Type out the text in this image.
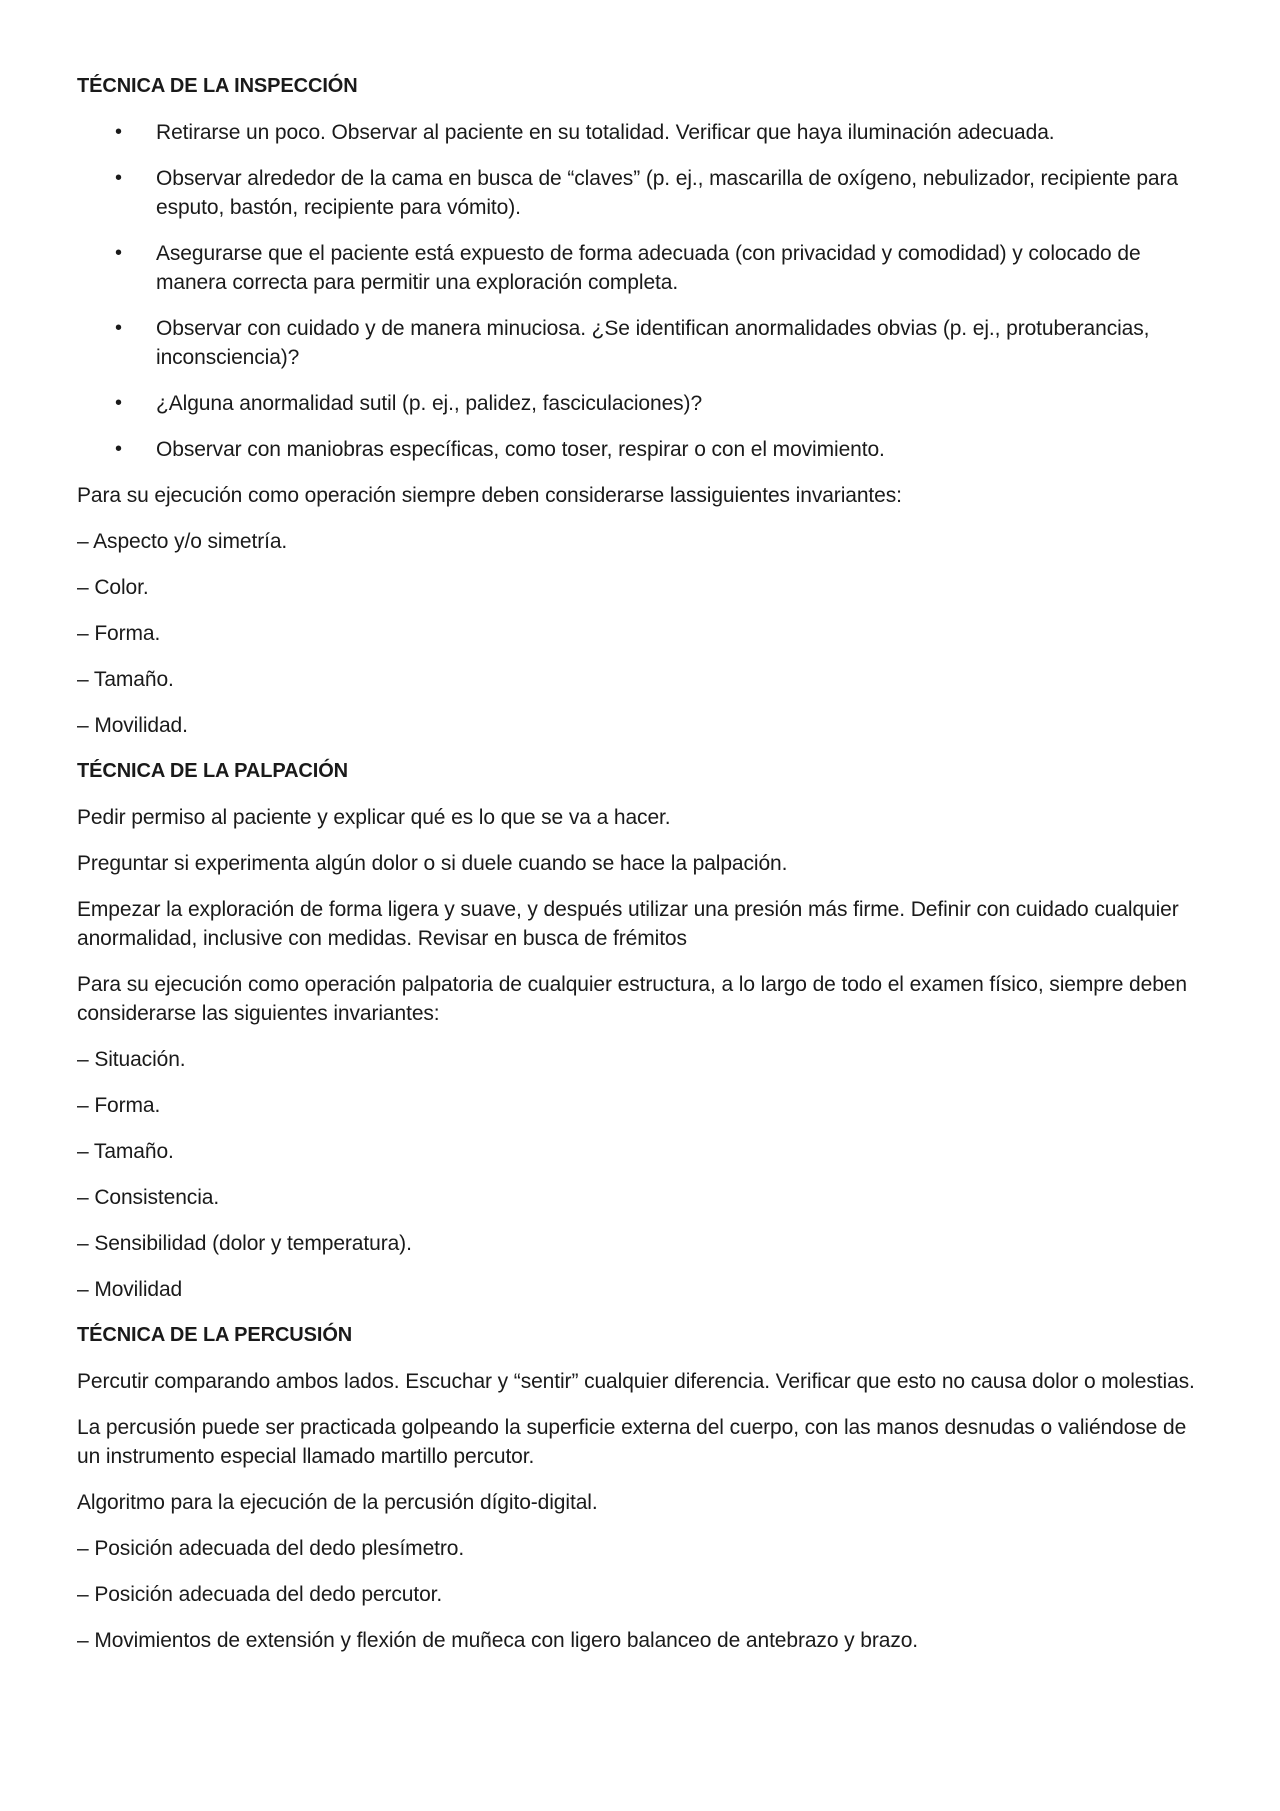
TÉCNICA DE LA INSPECCIÓN
• Retirarse un poco. Observar al paciente en su totalidad. Verificar que haya iluminación adecuada.
• Observar alrededor de la cama en busca de “claves” (p. ej., mascarilla de oxígeno, nebulizador, recipiente para esputo, bastón, recipiente para vómito).
• Asegurarse que el paciente está expuesto de forma adecuada (con privacidad y comodidad) y colocado de manera correcta para permitir una exploración completa.
• Observar con cuidado y de manera minuciosa. ¿Se identifican anormalidades obvias (p. ej., protuberancias, inconsciencia)?
• ¿Alguna anormalidad sutil (p. ej., palidez, fasciculaciones)?
• Observar con maniobras específicas, como toser, respirar o con el movimiento.
Para su ejecución como operación siempre deben considerarse lassiguientes invariantes:
– Aspecto y/o simetría.
– Color.
– Forma.
– Tamaño.
– Movilidad.
TÉCNICA DE LA PALPACIÓN
Pedir permiso al paciente y explicar qué es lo que se va a hacer.
Preguntar si experimenta algún dolor o si duele cuando se hace la palpación.
Empezar la exploración de forma ligera y suave, y después utilizar una presión más firme. Definir con cuidado cualquier anormalidad, inclusive con medidas. Revisar en busca de frémitos
Para su ejecución como operación palpatoria de cualquier estructura, a lo largo de todo el examen físico, siempre deben considerarse las siguientes invariantes:
– Situación.
– Forma.
– Tamaño.
– Consistencia.
– Sensibilidad (dolor y temperatura).
– Movilidad
TÉCNICA DE LA PERCUSIÓN
Percutir comparando ambos lados. Escuchar y “sentir” cualquier diferencia. Verificar que esto no causa dolor o molestias.
La percusión puede ser practicada golpeando la superficie externa del cuerpo, con las manos desnudas o valiéndose de un instrumento especial llamado martillo percutor.
Algoritmo para la ejecución de la percusión dígito-digital.
– Posición adecuada del dedo plesímetro.
– Posición adecuada del dedo percutor.
– Movimientos de extensión y flexión de muñeca con ligero balanceo de antebrazo y brazo.
